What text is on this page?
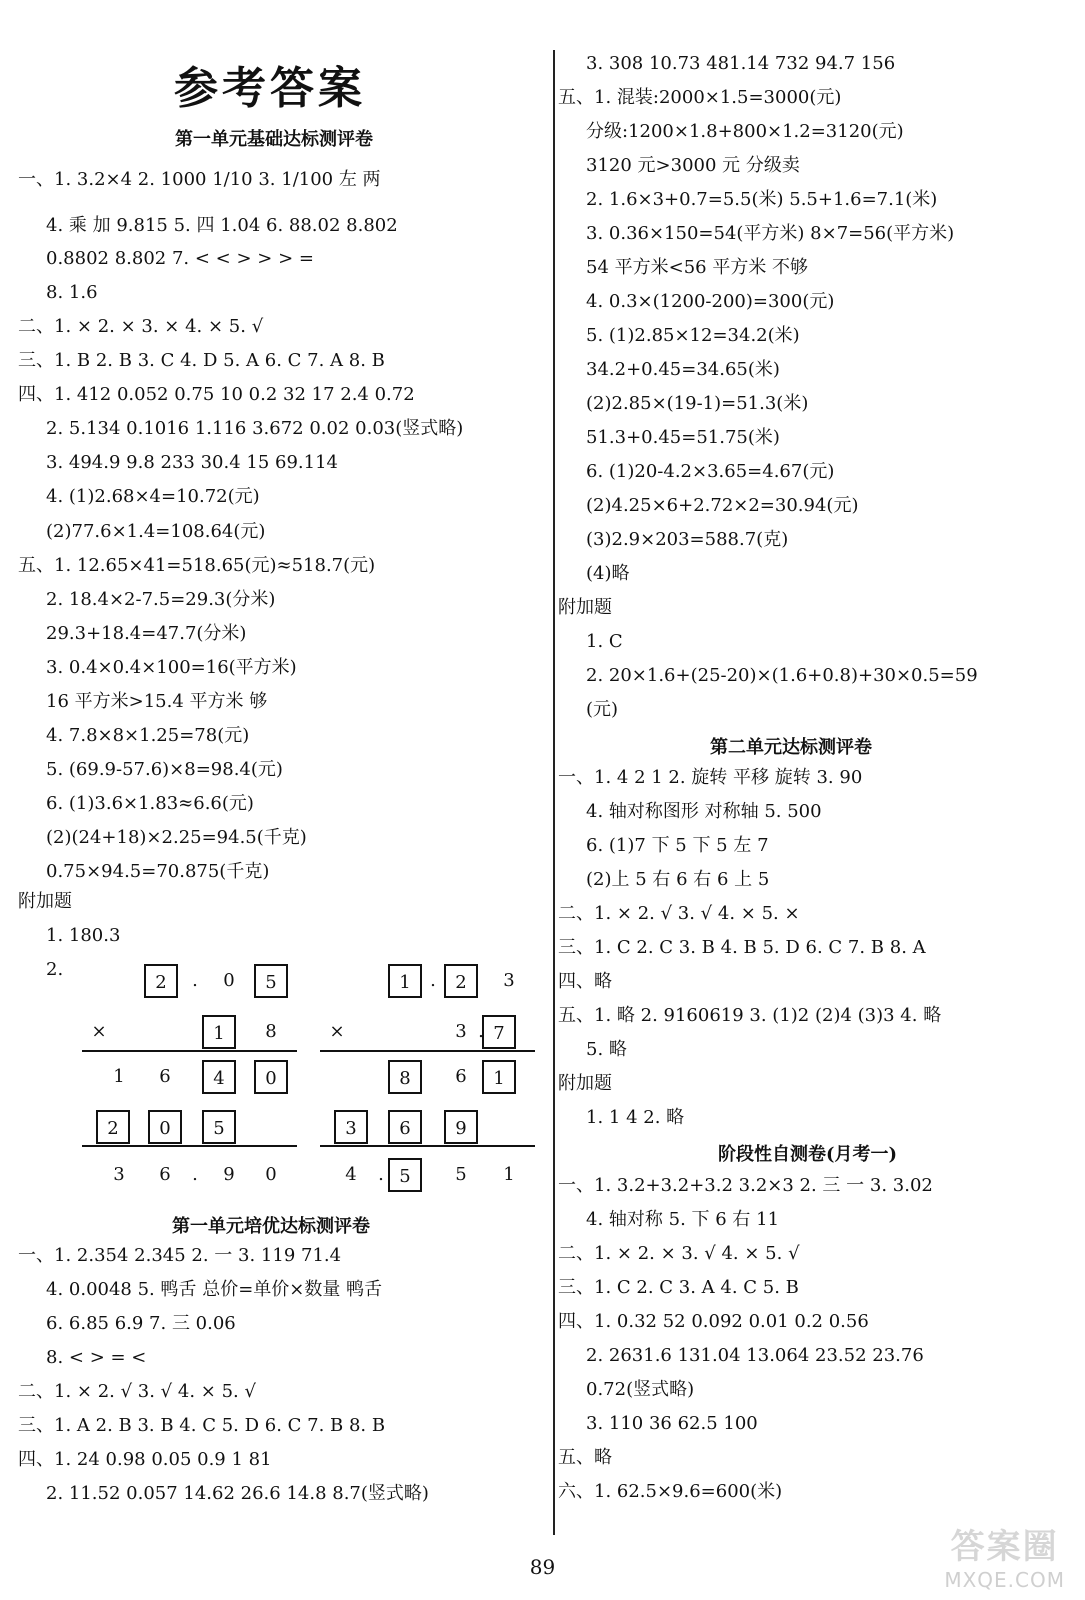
参考答案
第一单元基础达标测评卷
一、1. 3.2×4 2. 1000 1/10 3. 1/100 左 两
4. 乘 加 9.815 5. 四 1.04 6. 88.02 8.802
0.8802 8.802 7. < < > > > =
8. 1.6
二、1. × 2. × 3. × 4. × 5. √
三、1. B 2. B 3. C 4. D 5. A 6. C 7. A 8. B
四、1. 412 0.052 0.75 10 0.2 32 17 2.4 0.72
2. 5.134 0.1016 1.116 3.672 0.02 0.03(竖式略)
3. 494.9 9.8 233 30.4 15 69.114
4. (1)2.68×4=10.72(元)
(2)77.6×1.4=108.64(元)
五、1. 12.65×41=518.65(元)≈518.7(元)
2. 18.4×2-7.5=29.3(分米)
29.3+18.4=47.7(分米)
3. 0.4×0.4×100=16(平方米)
16 平方米>15.4 平方米 够
4. 7.8×8×1.25=78(元)
5. (69.9-57.6)×8=98.4(元)
6. (1)3.6×1.83≈6.6(元)
(2)(24+18)×2.25=94.5(千克)
0.75×94.5=70.875(千克)
附加题
1. 180.3
2.
第一单元培优达标测评卷
一、1. 2.354 2.345 2. 一 3. 119 71.4
4. 0.0048 5. 鸭舌 总价=单价×数量 鸭舌
6. 6.85 6.9 7. 三 0.06
8. < > = <
二、1. × 2. √ 3. √ 4. × 5. √
三、1. A 2. B 3. B 4. C 5. D 6. C 7. B 8. B
四、1. 24 0.98 0.05 0.9 1 81
2. 11.52 0.057 14.62 26.6 14.8 8.7(竖式略)
2	.	0	5
×	1	8
1	6	4	0
2	0	5
3	6	.	9	0
1	.	2	3
×	3 . 7
8	6	1
3	6	9
4	. 5	5	1
3. 308 10.73 481.14 732 94.7 156
五、1. 混装:2000×1.5=3000(元)
分级:1200×1.8+800×1.2=3120(元)
3120 元>3000 元 分级卖
2. 1.6×3+0.7=5.5(米) 5.5+1.6=7.1(米)
3. 0.36×150=54(平方米) 8×7=56(平方米)
54 平方米<56 平方米 不够
4. 0.3×(1200-200)=300(元)
5. (1)2.85×12=34.2(米)
34.2+0.45=34.65(米)
(2)2.85×(19-1)=51.3(米)
51.3+0.45=51.75(米)
6. (1)20-4.2×3.65=4.67(元)
(2)4.25×6+2.72×2=30.94(元)
(3)2.9×203=588.7(克)
(4)略
附加题
1. C
2. 20×1.6+(25-20)×(1.6+0.8)+30×0.5=59
(元)
第二单元达标测评卷
一、1. 4 2 1 2. 旋转 平移 旋转 3. 90
4. 轴对称图形 对称轴 5. 500
6. (1)7 下 5 下 5 左 7
(2)上 5 右 6 右 6 上 5
二、1. × 2. √ 3. √ 4. × 5. ×
三、1. C 2. C 3. B 4. B 5. D 6. C 7. B 8. A
四、略
五、1. 略 2. 9160619 3. (1)2 (2)4 (3)3 4. 略
5. 略
附加题
1. 1 4 2. 略
阶段性自测卷(月考一)
一、1. 3.2+3.2+3.2 3.2×3 2. 三 一 3. 3.02
4. 轴对称 5. 下 6 右 11
二、1. × 2. × 3. √ 4. × 5. √
三、1. C 2. C 3. A 4. C 5. B
四、1. 0.32 52 0.092 0.01 0.2 0.56
2. 2631.6 131.04 13.064 23.52 23.76
0.72(竖式略)
3. 110 36 62.5 100
五、略
六、1. 62.5×9.6=600(米)
89	答案圈
MXQE.COM
